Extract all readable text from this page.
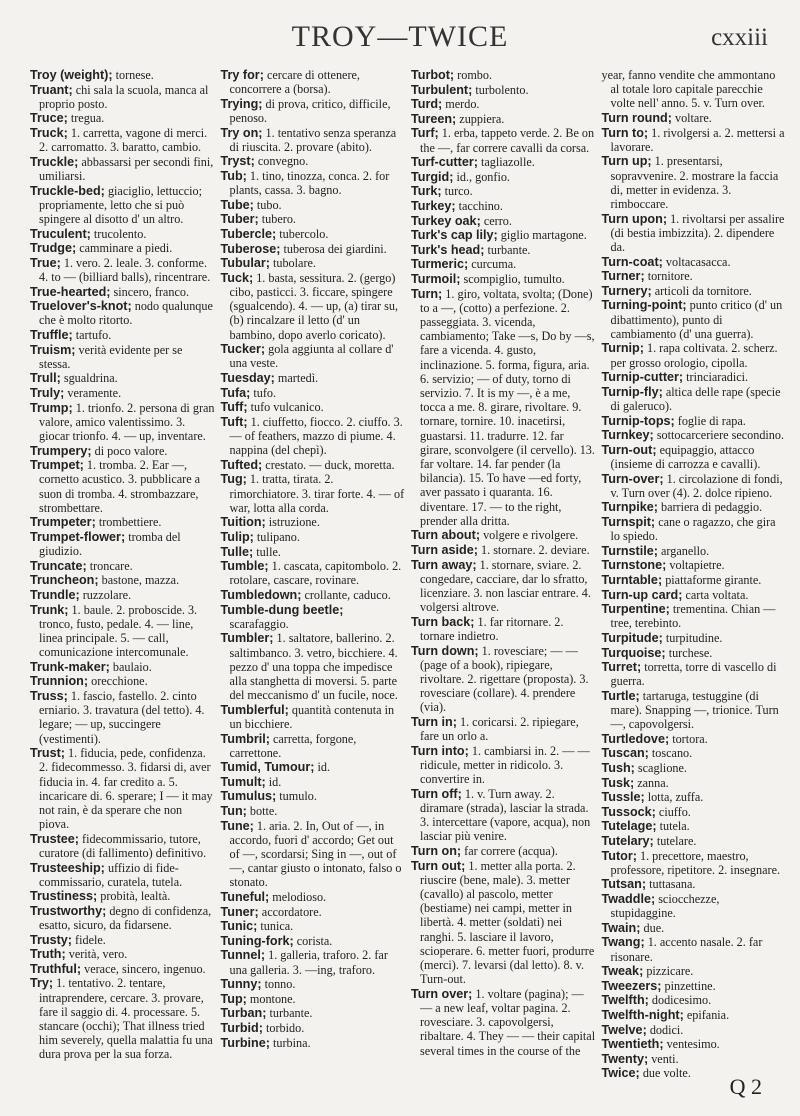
TROY—TWICE	cxxiii

Troy (weight); tornese.

Truant; chi sala la scuola, manca al proprio posto.

Truce; tregua.

Truck; 1. carretta, vagone di merci. 2. carromatto. 3. baratto, cambio.

Truckle; abbassarsi per secondi fini, umiliarsi.

Truckle-bed; giaciglio, lettuccio; propriamente, letto che si può spingere al disotto d' un altro.

Truculent; trucolento.

Trudge; camminare a piedi.

True; 1. vero. 2. leale. 3. conforme. 4. to — (billiard balls), rincentrare.

True-hearted; sincero, franco.

Truelover's-knot; nodo qualunque che è molto ritorto.

Truffle; tartufo.

Truism; verità evidente per se stessa.

Trull; sgualdrina.

Truly; veramente.

Trump; 1. trionfo. 2. persona di gran valore, amico valentissimo. 3. giocar trionfo. 4. — up, inventare.

Trumpery; di poco valore.

Trumpet; 1. tromba. 2. Ear —, cornetto acustico. 3. pubblicare a suon di tromba. 4. strombazzare, strombettare.

Trumpeter; trombettiere.

Trumpet-flower; tromba del giudizio.

Truncate; troncare.

Truncheon; bastone, mazza.

Trundle; ruzzolare.

Trunk; 1. baule. 2. proboscide. 3. tronco, fusto, pedale. 4. — line, linea principale. 5. — call, comunicazione intercomunale.

Trunk-maker; baulaio.

Trunnion; orecchione.

Truss; 1. fascio, fastello. 2. cinto erniario. 3. travatura (del tetto). 4. legare; — up, succingere (vestimenti).

Trust; 1. fiducia, pede, confidenza. 2. fidecommesso. 3. fidarsi di, aver fiducia in. 4. far credito a. 5. incaricare di. 6. sperare; I — it may not rain, è da sperare che non piova.

Trustee; fidecommissario, tutore, curatore (di fallimento) definitivo.

Trusteeship; uffizio di fide-commissario, curatela, tutela.

Trustiness; probità, lealtà.

Trustworthy; degno di confidenza, esatto, sicuro, da fidarsene.

Trusty; fidele.

Truth; verità, vero.

Truthful; verace, sincero, ingenuo.

Try; 1. tentativo. 2. tentare, intraprendere, cercare. 3. provare, fare il saggio di. 4. processare. 5. stancare (occhi); That illness tried him severely, quella malattia fu una dura prova per la sua forza.

Try for; cercare di ottenere, concorrere a (borsa).

Trying; di prova, critico, difficile, penoso.

Try on; 1. tentativo senza speranza di riuscita. 2. provare (abito).

Tryst; convegno.

Tub; 1. tino, tinozza, conca. 2. for plants, cassa. 3. bagno.

Tube; tubo.

Tuber; tubero.

Tubercle; tubercolo.

Tuberose; tuberosa dei giardini.

Tubular; tubolare.

Tuck; 1. basta, sessitura. 2. (gergo) cibo, pasticci. 3. ficcare, spingere (sgualcendo). 4. — up, (a) tirar su, (b) rincalzare il letto (d' un bambino, dopo averlo coricato).

Tucker; gola aggiunta al collare d' una veste.

Tuesday; martedì.

Tufa; tufo.

Tuff; tufo vulcanico.

Tuft; 1. ciuffetto, fiocco. 2. ciuffo. 3. — of feathers, mazzo di piume. 4. nappina (del chepì).

Tufted; crestato. — duck, moretta.

Tug; 1. tratta, tirata. 2. rimorchiatore. 3. tirar forte. 4. — of war, lotta alla corda.

Tuition; istruzione.

Tulip; tulipano.

Tulle; tulle.

Tumble; 1. cascata, capitombolo. 2. rotolare, cascare, rovinare.

Tumbledown; crollante, caduco.

Tumble-dung beetle; scarafaggio.

Tumbler; 1. saltatore, ballerino. 2. saltimbanco. 3. vetro, bicchiere. 4. pezzo d' una toppa che impedisce alla stanghetta di moversi. 5. parte del meccanismo d' un fucile, noce.

Tumblerful; quantità contenuta in un bicchiere.

Tumbril; carretta, forgone, carrettone.

Tumid, Tumour; id.

Tumult; id.

Tumulus; tumulo.

Tun; botte.

Tune; 1. aria. 2. In, Out of —, in accordo, fuori d' accordo; Get out of —, scordarsi; Sing in —, out of —, cantar giusto o intonato, falso o stonato.

Tuneful; melodioso.

Tuner; accordatore.

Tunic; tunica.

Tuning-fork; corista.

Tunnel; 1. galleria, traforo. 2. far una galleria. 3. —ing, traforo.

Tunny; tonno.

Tup; montone.

Turban; turbante.

Turbid; torbido.

Turbine; turbina.

Turbot; rombo.

Turbulent; turbolento.

Turd; merdo.

Tureen; zuppiera.

Turf; 1. erba, tappeto verde. 2. Be on the —, far correre cavalli da corsa.

Turf-cutter; tagliazolle.

Turgid; id., gonfio.

Turk; turco.

Turkey; tacchino.

Turkey oak; cerro.

Turk's cap lily; giglio martagone.

Turk's head; turbante.

Turmeric; curcuma.

Turmoil; scompiglio, tumulto.

Turn; 1. giro, voltata, svolta; (Done) to a —, (cotto) a perfezione. 2. passeggiata. 3. vicenda, cambiamento; Take —s, Do by —s, fare a vicenda. 4. gusto, inclinazione. 5. forma, figura, aria. 6. servizio; — of duty, torno di servizio. 7. It is my —, è a me, tocca a me. 8. girare, rivoltare. 9. tornare, tornire. 10. inacetirsi, guastarsi. 11. tradurre. 12. far girare, sconvolgere (il cervello). 13. far voltare. 14. far pender (la bilancia). 15. To have —ed forty, aver passato i quaranta. 16. diventare. 17. — to the right, prender alla dritta.

Turn about; volgere e rivolgere.

Turn aside; 1. stornare. 2. deviare.

Turn away; 1. stornare, sviare. 2. congedare, cacciare, dar lo sfratto, licenziare. 3. non lasciar entrare. 4. volgersi altrove.

Turn back; 1. far ritornare. 2. tornare indietro.

Turn down; 1. rovesciare; — — (page of a book), ripiegare, rivoltare. 2. rigettare (proposta). 3. rovesciare (collare). 4. prendere (via).

Turn in; 1. coricarsi. 2. ripiegare, fare un orlo a.

Turn into; 1. cambiarsi in. 2. — — ridicule, metter in ridicolo. 3. convertire in.

Turn off; 1. v. Turn away. 2. diramare (strada), lasciar la strada. 3. intercettare (vapore, acqua), non lasciar più venire.

Turn on; far correre (acqua).

Turn out; 1. metter alla porta. 2. riuscire (bene, male). 3. metter (cavallo) al pascolo, metter (bestiame) nei campi, metter in libertà. 4. metter (soldati) nei ranghi. 5. lasciare il lavoro, scioperare. 6. metter fuori, produrre (merci). 7. levarsi (dal letto). 8. v. Turn-out.

Turn over; 1. voltare (pagina); — — a new leaf, voltar pagina. 2. rovesciare. 3. capovolgersi, ribaltare. 4. They — — their capital several times in the course of the

year, fanno vendite che ammontano al totale loro capitale parecchie volte nell' anno. 5. v. Turn over.

Turn round; voltare.

Turn to; 1. rivolgersi a. 2. mettersi a lavorare.

Turn up; 1. presentarsi, sopravvenire. 2. mostrare la faccia di, metter in evidenza. 3. rimboccare.

Turn upon; 1. rivoltarsi per assalire (di bestia imbizzita). 2. dipendere da.

Turn-coat; voltacasacca.

Turner; tornitore.

Turnery; articoli da tornitore.

Turning-point; punto critico (d' un dibattimento), punto di cambiamento (d' una guerra).

Turnip; 1. rapa coltivata. 2. scherz. per grosso orologio, cipolla.

Turnip-cutter; trinciaradici.

Turnip-fly; altica delle rape (specie di galeruco).

Turnip-tops; foglie di rapa.

Turnkey; sottocarceriere secondino.

Turn-out; equipaggio, attacco (insieme di carrozza e cavalli).

Turn-over; 1. circolazione di fondi, v. Turn over (4). 2. dolce ripieno.

Turnpike; barriera di pedaggio.

Turnspit; cane o ragazzo, che gira lo spiedo.

Turnstile; arganello.

Turnstone; voltapietre.

Turntable; piattaforme girante.

Turn-up card; carta voltata.

Turpentine; trementina. Chian — tree, terebinto.

Turpitude; turpitudine.

Turquoise; turchese.

Turret; torretta, torre di vascello di guerra.

Turtle; tartaruga, testuggine (di mare). Snapping —, trionice. Turn —, capovolgersi.

Turtledove; tortora.

Tuscan; toscano.

Tush; scaglione.

Tusk; zanna.

Tussle; lotta, zuffa.

Tussock; ciuffo.

Tutelage; tutela.

Tutelary; tutelare.

Tutor; 1. precettore, maestro, professore, ripetitore. 2. insegnare.

Tutsan; tuttasana.

Twaddle; sciocchezze, stupidaggine.

Twain; due.

Twang; 1. accento nasale. 2. far risonare.

Tweak; pizzicare.

Tweezers; pinzettine.

Twelfth; dodicesimo.

Twelfth-night; epifania.

Twelve; dodici.

Twentieth; ventesimo.

Twenty; venti.

Twice; due volte.

Q 2
